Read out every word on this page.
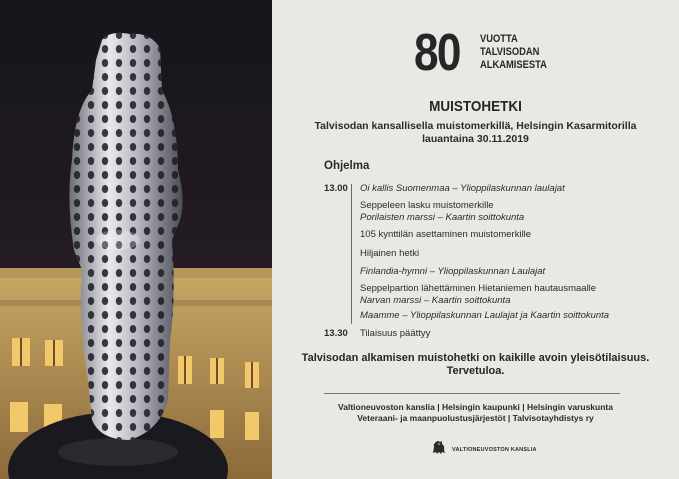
80	VUOTTA
TALVISODAN
ALKAMISESTA
MUISTOHETKI
Talvisodan kansallisella muistomerkillä, Helsingin Kasarmitorilla
lauantaina 30.11.2019
Ohjelma
13.00	Oi kallis Suomenmaa – Ylioppilaskunnan laulajat
Seppeleen lasku muistomerkille
Porilaisten marssi – Kaartin soittokunta
105 kynttilän asettaminen muistomerkille
Hiljainen hetki
Finlandia-hymni – Ylioppilaskunnan Laulajat
Seppelpartion lähettäminen Hietaniemen hautausmaalle
Narvan marssi – Kaartin soittokunta
Maamme – Ylioppilaskunnan Laulajat ja Kaartin soittokunta
13.30	Tilaisuus päättyy
Talvisodan alkamisen muistohetki on kaikille avoin yleisötilaisuus.
Tervetuloa.
Valtioneuvoston kanslia | Helsingin kaupunki | Helsingin varuskunta
Veteraani- ja maanpuolustusjärjestöt | Talvisotayhdistys ry
VALTIONEUVOSTON KANSLIA
